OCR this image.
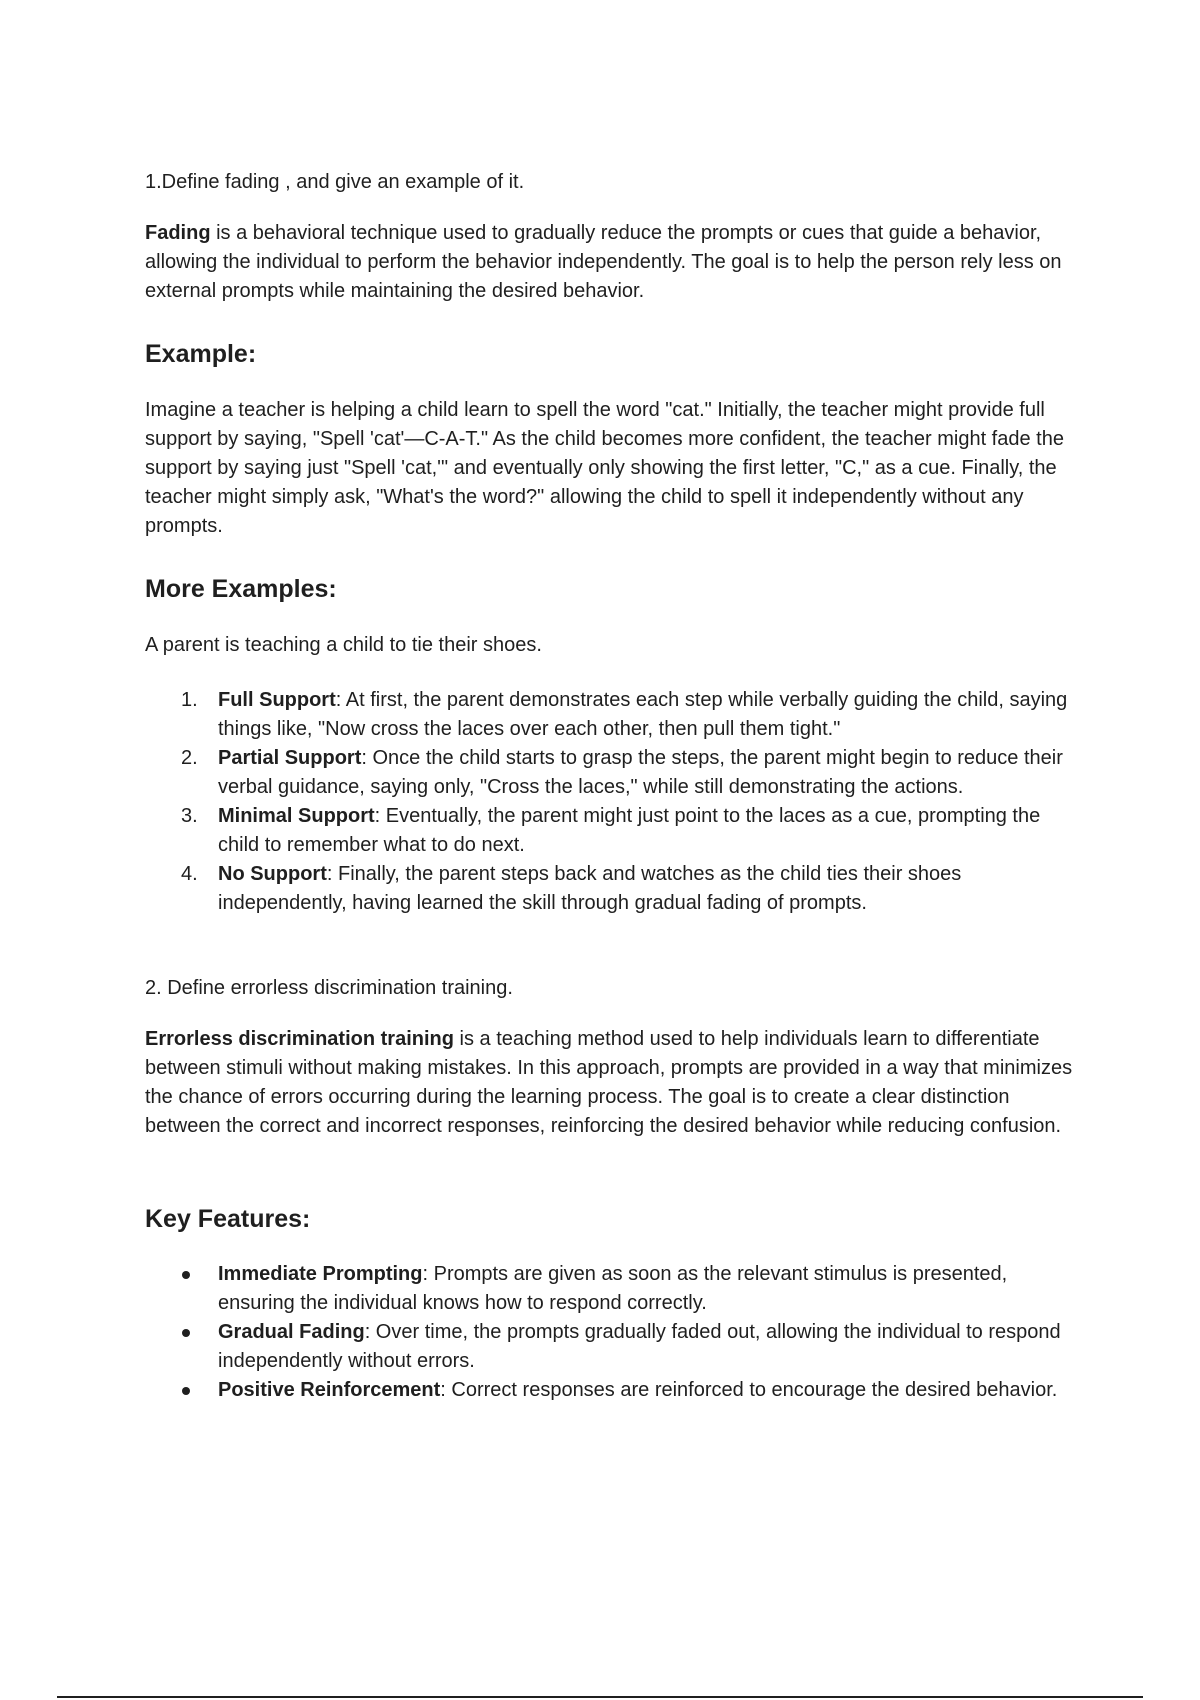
1.Define fading , and give an example of it.

Fading is a behavioral technique used to gradually reduce the prompts or cues that guide a behavior, allowing the individual to perform the behavior independently. The goal is to help the person rely less on external prompts while maintaining the desired behavior.

Example:

Imagine a teacher is helping a child learn to spell the word "cat." Initially, the teacher might provide full support by saying, "Spell 'cat'—C-A-T." As the child becomes more confident, the teacher might fade the support by saying just "Spell 'cat,'" and eventually only showing the first letter, "C," as a cue. Finally, the teacher might simply ask, "What's the word?" allowing the child to spell it independently without any prompts.

More Examples:

A parent is teaching a child to tie their shoes.

1.	Full Support: At first, the parent demonstrates each step while verbally guiding the child, saying things like, "Now cross the laces over each other, then pull them tight."
2.	Partial Support: Once the child starts to grasp the steps, the parent might begin to reduce their verbal guidance, saying only, "Cross the laces," while still demonstrating the actions.
3.	Minimal Support: Eventually, the parent might just point to the laces as a cue, prompting the child to remember what to do next.
4.	No Support: Finally, the parent steps back and watches as the child ties their shoes independently, having learned the skill through gradual fading of prompts.

2. Define errorless discrimination training.

Errorless discrimination training is a teaching method used to help individuals learn to differentiate between stimuli without making mistakes. In this approach, prompts are provided in a way that minimizes the chance of errors occurring during the learning process. The goal is to create a clear distinction between the correct and incorrect responses, reinforcing the desired behavior while reducing confusion.

Key Features:
Immediate Prompting: Prompts are given as soon as the relevant stimulus is presented, ensuring the individual knows how to respond correctly.
Gradual Fading: Over time, the prompts gradually faded out, allowing the individual to respond independently without errors.
Positive Reinforcement: Correct responses are reinforced to encourage the desired behavior.
